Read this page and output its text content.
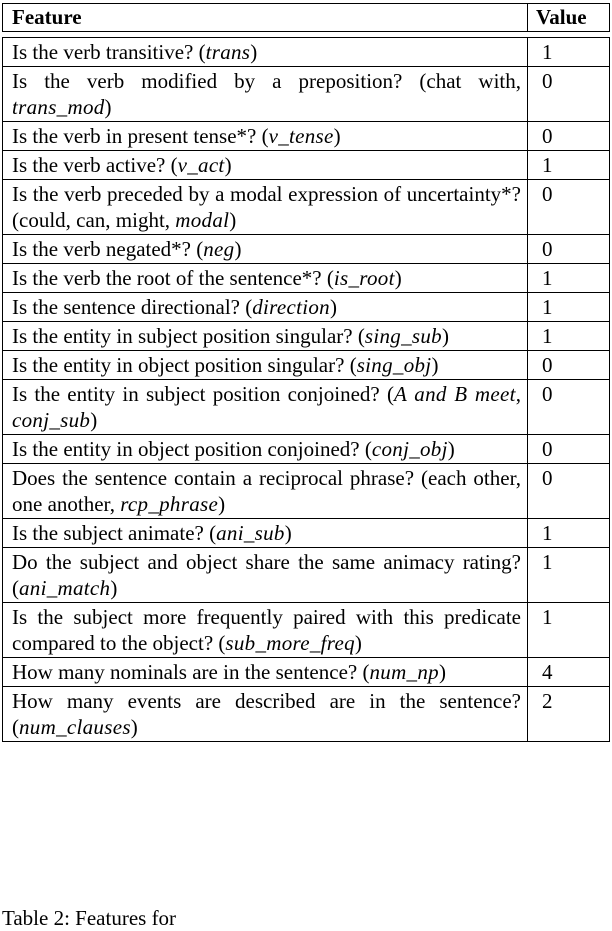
Feature	Value
Is the verb transitive? (trans)	1
Is the verb modified by a preposition? (chat with, trans_mod)	0
Is the verb in present tense*? (v_tense)	0
Is the verb active? (v_act)	1
Is the verb preceded by a modal expression of uncertainty*? (could, can, might, modal)	0
Is the verb negated*? (neg)	0
Is the verb the root of the sentence*? (is_root)	1
Is the sentence directional? (direction)	1
Is the entity in subject position singular? (sing_sub)	1
Is the entity in object position singular? (sing_obj)	0
Is the entity in subject position conjoined? (A and B meet, conj_sub)	0
Is the entity in object position conjoined? (conj_obj)	0
Does the sentence contain a reciprocal phrase? (each other, one another, rcp_phrase)	0
Is the subject animate? (ani_sub)	1
Do the subject and object share the same animacy rating? (ani_match)	1
Is the subject more frequently paired with this predicate compared to the object? (sub_more_freq)	1
How many nominals are in the sentence? (num_np)	4
How many events are described are in the sentence? (num_clauses)	2
Table 2: Features for
